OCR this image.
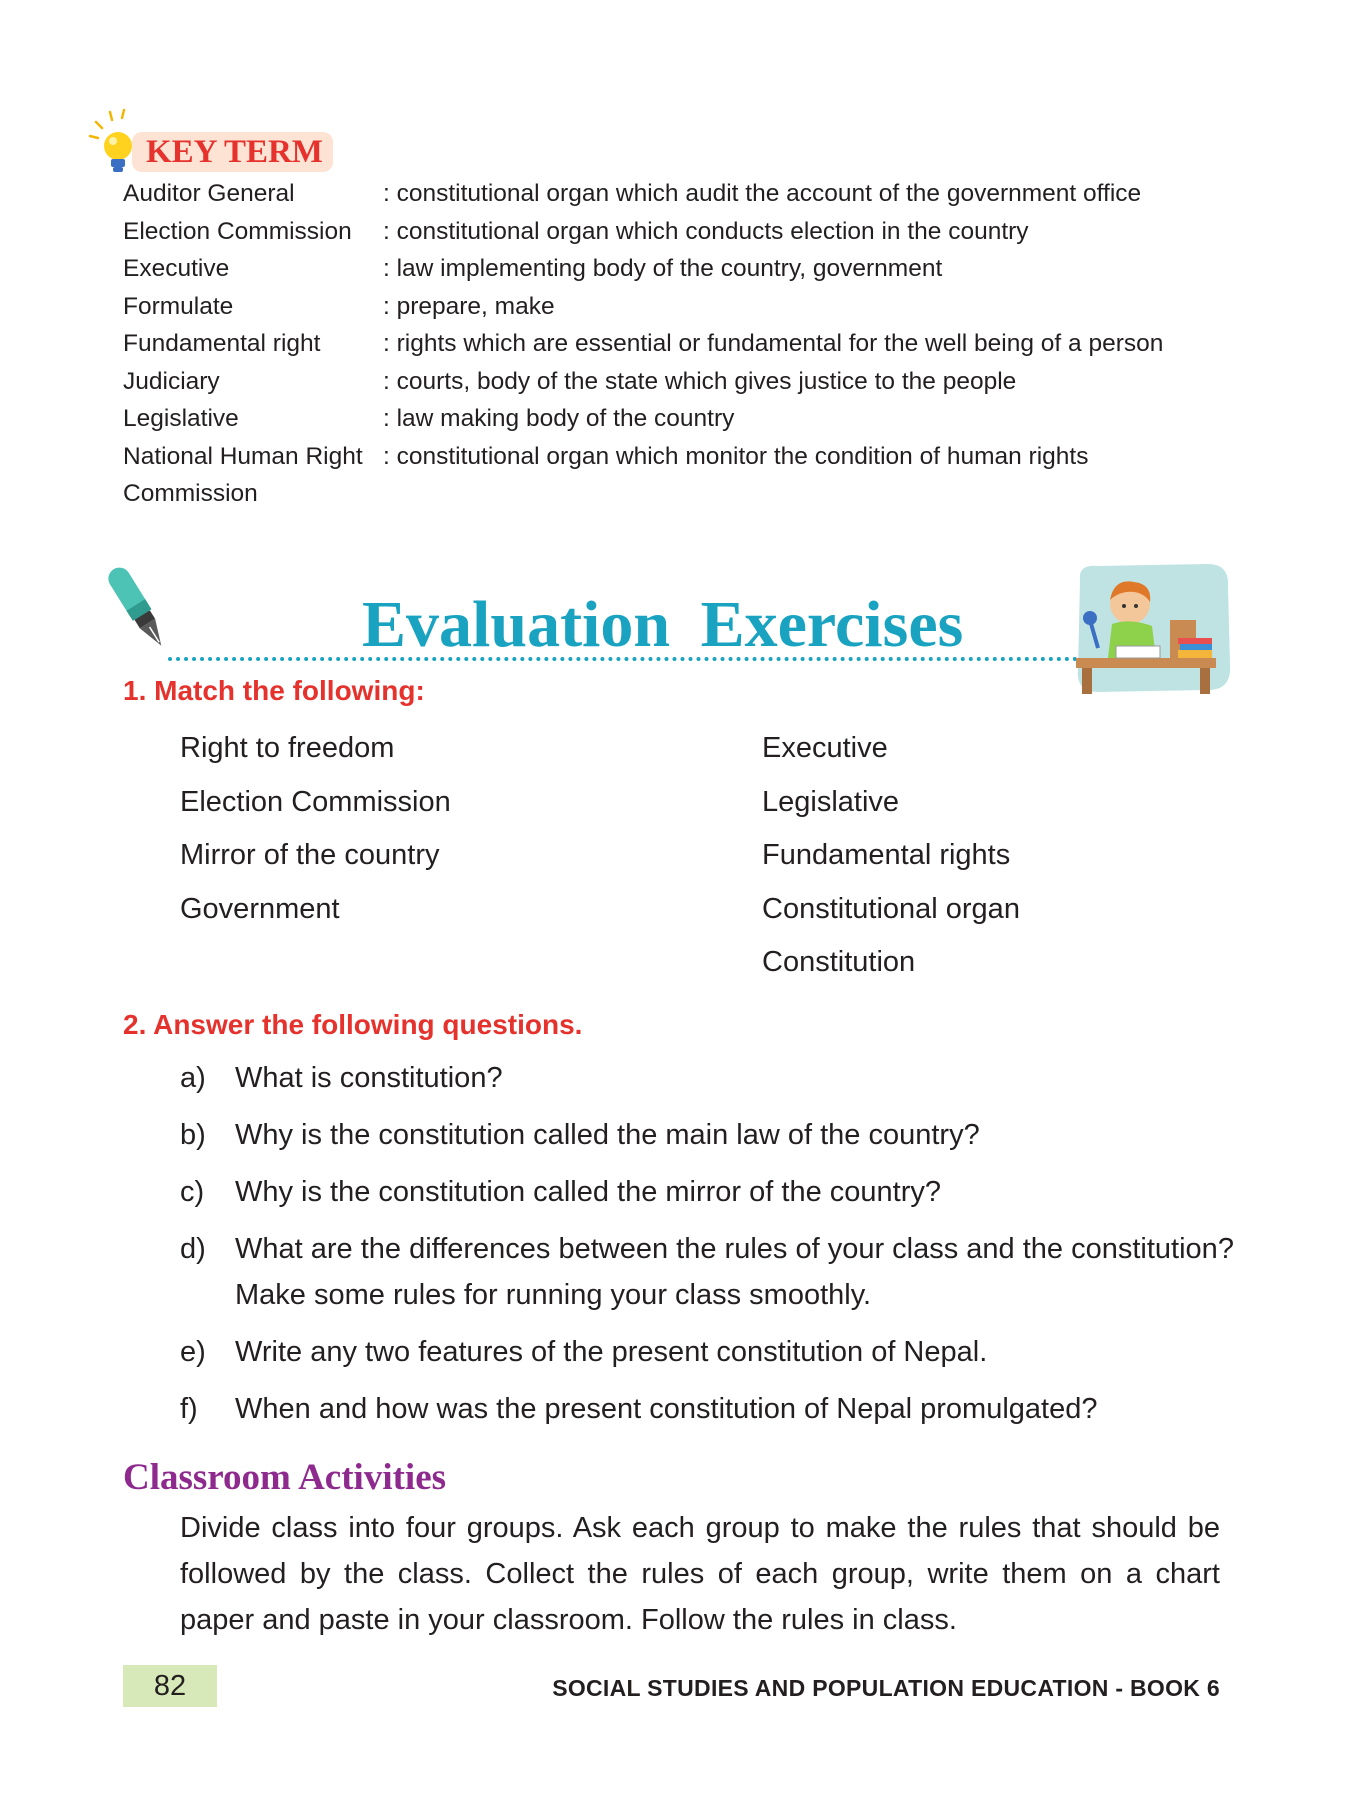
KEY TERM
Auditor General	: constitutional organ which audit the account of the government office
Election Commission : constitutional organ which conducts election in the country
Executive	: law implementing body of the country, government
Formulate	: prepare, make
Fundamental right	: rights which are essential or fundamental for the well being of a person
Judiciary	: courts, body of the state which gives justice to the people
Legislative	: law making body of the country
National Human Right : constitutional organ which monitor the condition of human rights
Commission
Evaluation Exercises
1. Match the following:
Right to freedom
Election Commission
Mirror of the country
Government
Executive
Legislative
Fundamental rights
Constitutional organ
Constitution
2. Answer the following questions.
a) What is constitution?
b) Why is the constitution called the main law of the country?
c) Why is the constitution called the mirror of the country?
d) What are the differences between the rules of your class and the constitution? Make some rules for running your class smoothly.
e) Write any two features of the present constitution of Nepal.
f) When and how was the present constitution of Nepal promulgated?
Classroom Activities
Divide class into four groups. Ask each group to make the rules that should be followed by the class. Collect the rules of each group, write them on a chart paper and paste in your classroom. Follow the rules in class.
82	SOCIAL STUDIES AND POPULATION EDUCATION - BOOK 6
